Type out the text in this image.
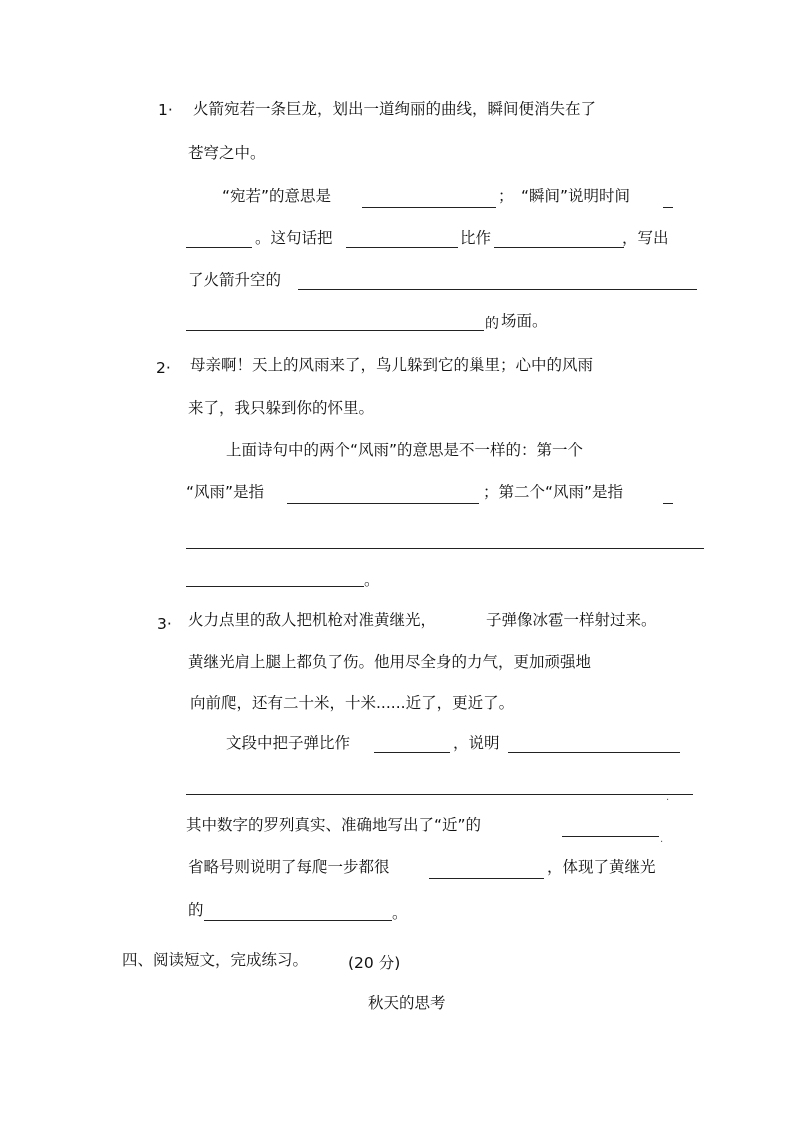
1· 火箭宛若一条巨龙，划出一道绚丽的曲线，瞬间便消失在了
苍穹之中。
“宛若”的意思是	； “瞬间”说明时间
。这句话把	比作	，写出
了火箭升空的
的 场面。
2· 母亲啊！天上的风雨来了，鸟儿躲到它的巢里；心中的风雨
来了，我只躲到你的怀里。
上面诗句中的两个“风雨”的意思是不一样的：第一个
“风雨”是指	；第二个“风雨”是指
。
3· 火力点里的敌人把机枪对准黄继光，	子弹像冰雹一样射过来。
黄继光肩上腿上都负了伤。他用尽全身的力气，更加顽强地
向前爬，还有二十米，十米......近了，更近了。
文段中把子弹比作	，说明
.
其中数字的罗列真实、准确地写出了“近”的
.
省略号则说明了每爬一步都很	，体现了黄继光
的	。
四、阅读短文，完成练习。	(20 分)
秋天的思考
